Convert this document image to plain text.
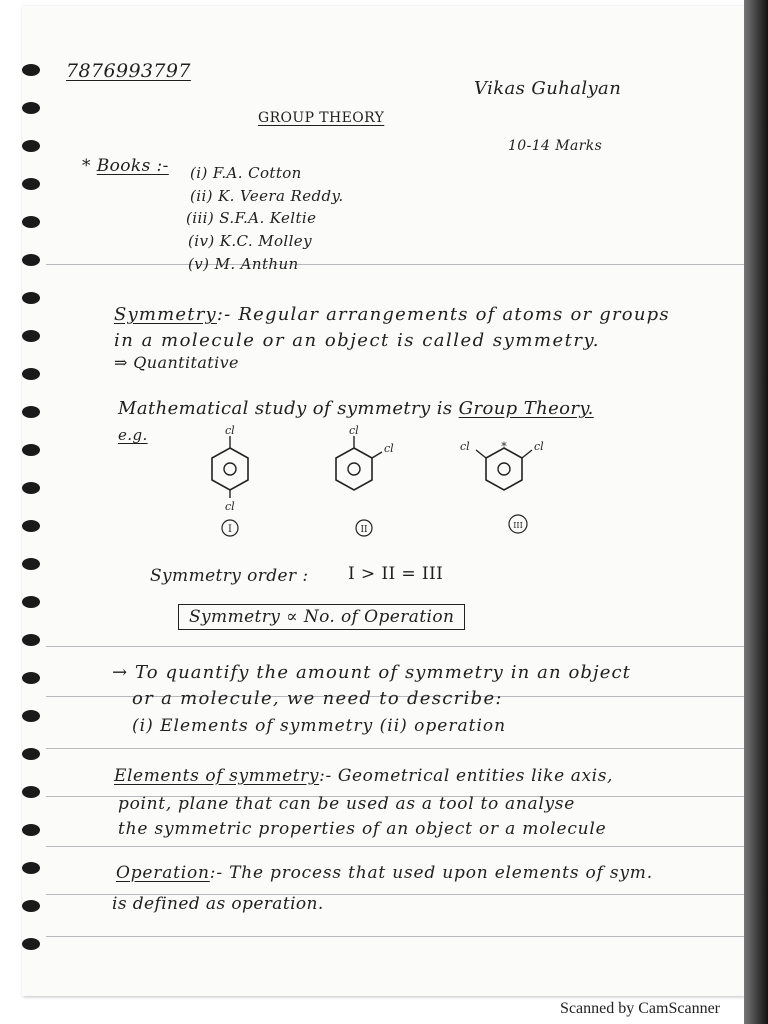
7876993797
Vikas Guhalyan
GROUP THEORY
10-14 Marks
* Books :- (i) F.A. Cotton
(ii) K. Veera Reddy.
(iii) S.F.A. Keltie
(iv) K.C. Molley
(v) M. Anthun
Symmetry:- Regular arrangements of atoms or groups
in a molecule or an object is called symmetry.
⇒ Quantitative
Mathematical study of symmetry is Group Theory.
e.g.	cl
cl
I
cl
cl
II
*
cl	cl
III
Symmetry order : I > II = III
Symmetry ∝ No. of Operation
→ To quantify the amount of symmetry in an object
or a molecule, we need to describe:
(i) Elements of symmetry (ii) operation
Elements of symmetry:- Geometrical entities like axis,
point, plane that can be used as a tool to analyse
the symmetric properties of an object or a molecule
Operation:- The process that used upon elements of sym.
is defined as operation.
Scanned by CamScanner
